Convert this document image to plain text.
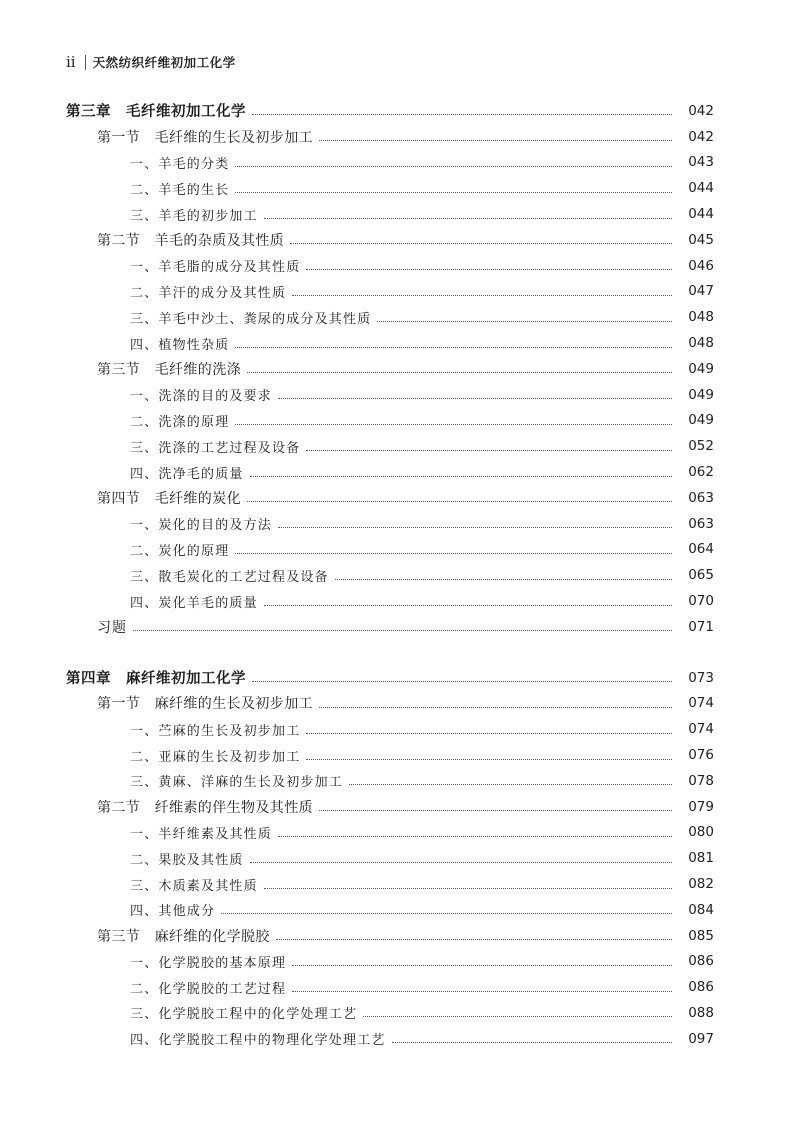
ii 天然纺织纤维初加工化学
第三章　毛纤维初加工化学	042
第一节　毛纤维的生长及初步加工	042
一、羊毛的分类	043
二、羊毛的生长	044
三、羊毛的初步加工	044
第二节　羊毛的杂质及其性质	045
一、羊毛脂的成分及其性质	046
二、羊汗的成分及其性质	047
三、羊毛中沙土、粪尿的成分及其性质	048
四、植物性杂质	048
第三节　毛纤维的洗涤	049
一、洗涤的目的及要求	049
二、洗涤的原理	049
三、洗涤的工艺过程及设备	052
四、洗净毛的质量	062
第四节　毛纤维的炭化	063
一、炭化的目的及方法	063
二、炭化的原理	064
三、散毛炭化的工艺过程及设备	065
四、炭化羊毛的质量	070
习题	071
第四章　麻纤维初加工化学	073
第一节　麻纤维的生长及初步加工	074
一、苎麻的生长及初步加工	074
二、亚麻的生长及初步加工	076
三、黄麻、洋麻的生长及初步加工	078
第二节　纤维素的伴生物及其性质	079
一、半纤维素及其性质	080
二、果胶及其性质	081
三、木质素及其性质	082
四、其他成分	084
第三节　麻纤维的化学脱胶	085
一、化学脱胶的基本原理	086
二、化学脱胶的工艺过程	086
三、化学脱胶工程中的化学处理工艺	088
四、化学脱胶工程中的物理化学处理工艺	097
